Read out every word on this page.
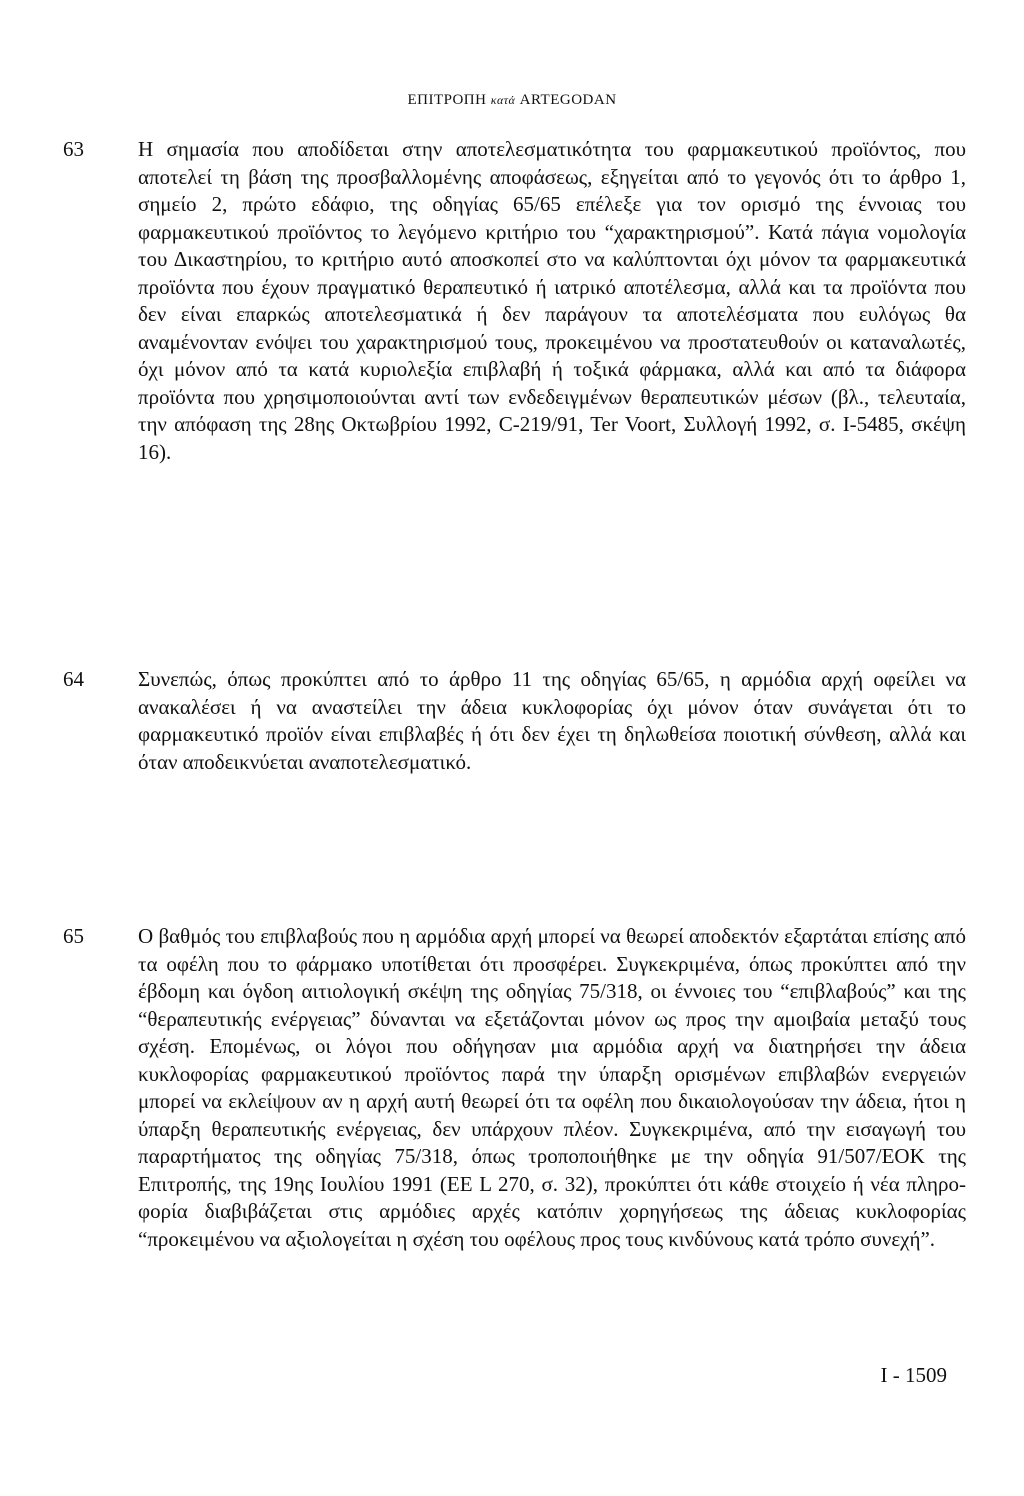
ΕΠΙΤΡΟΠΗ κατά ARTEGODAN
63	Η σημασία που αποδίδεται στην αποτελεσματικότητα του φαρμακευτικού προϊόντος, που αποτελεί τη βάση της προσβαλλομένης αποφάσεως, εξηγείται από το γεγονός ότι το άρθρο 1, σημείο 2, πρώτο εδάφιο, της οδηγίας 65/65 επέλεξε για τον ορισμό της έννοιας του φαρμακευτικού προϊόντος το λεγόμενο κριτήριο του “χαρακτηρισμού”. Κατά πάγια νομολογία του Δικαστηρίου, το κριτήριο αυτό αποσκοπεί στο να καλύπτονται όχι μόνον τα φαρμακευτικά προϊόντα που έχουν πραγματικό θεραπευτικό ή ιατρικό αποτέλεσμα, αλλά και τα προϊόντα που δεν είναι επαρκώς αποτελεσματικά ή δεν παράγουν τα αποτελέσματα που ευλόγως θα αναμένονταν ενόψει του χαρακτηρισμού τους, προκειμένου να προστατευθούν οι καταναλωτές, όχι μόνον από τα κατά κυριολεξία επιβλαβή ή τοξικά φάρμακα, αλλά και από τα διάφορα προϊόντα που χρησιμοποιούνται αντί των ενδεδειγμένων θεραπευτικών μέσων (βλ., τελευταία, την απόφαση της 28ης Οκτωβρίου 1992, C-219/91, Ter Voort, Συλλογή 1992, σ. I-5485, σκέψη 16).

64	Συνεπώς, όπως προκύπτει από το άρθρο 11 της οδηγίας 65/65, η αρμόδια αρχή οφείλει να ανακαλέσει ή να αναστείλει την άδεια κυκλοφορίας όχι μόνον όταν συνάγεται ότι το φαρμακευτικό προϊόν είναι επιβλαβές ή ότι δεν έχει τη δηλωθείσα ποιοτική σύνθεση, αλλά και όταν αποδεικνύεται αναποτελεσματικό.

65	Ο βαθμός του επιβλαβούς που η αρμόδια αρχή μπορεί να θεωρεί αποδεκτόν εξαρτάται επίσης από τα οφέλη που το φάρμακο υποτίθεται ότι προσφέρει. Συγκεκριμένα, όπως προκύπτει από την έβδομη και όγδοη αιτιολογική σκέψη της οδηγίας 75/318, οι έννοιες του “επιβλαβούς” και της “θεραπευτικής ενέργειας” δύνανται να εξετάζονται μόνον ως προς την αμοιβαία μεταξύ τους σχέση. Επομένως, οι λόγοι που οδήγησαν μια αρμόδια αρχή να διατηρήσει την άδεια κυκλοφορίας φαρμακευτικού προϊόντος παρά την ύπαρξη ορισμένων επιβλαβών ενεργειών μπορεί να εκλείψουν αν η αρχή αυτή θεωρεί ότι τα οφέλη που δικαιολογούσαν την άδεια, ήτοι η ύπαρξη θεραπευτικής ενέργειας, δεν υπάρχουν πλέον. Συγκεκριμένα, από την εισαγωγή του παραρτήματος της οδηγίας 75/318, όπως τροποποιήθηκε με την οδηγία 91/507/ΕΟΚ της Επιτροπής, της 19ης Ιουλίου 1991 (ΕΕ L 270, σ. 32), προκύπτει ότι κάθε στοιχείο ή νέα πληροφορία διαβιβάζεται στις αρμόδιες αρχές κατόπιν χορηγήσεως της άδειας κυκλοφορίας “προκειμένου να αξιολογείται η σχέση του οφέλους προς τους κινδύνους κατά τρόπο συνεχή”.

I - 1509
